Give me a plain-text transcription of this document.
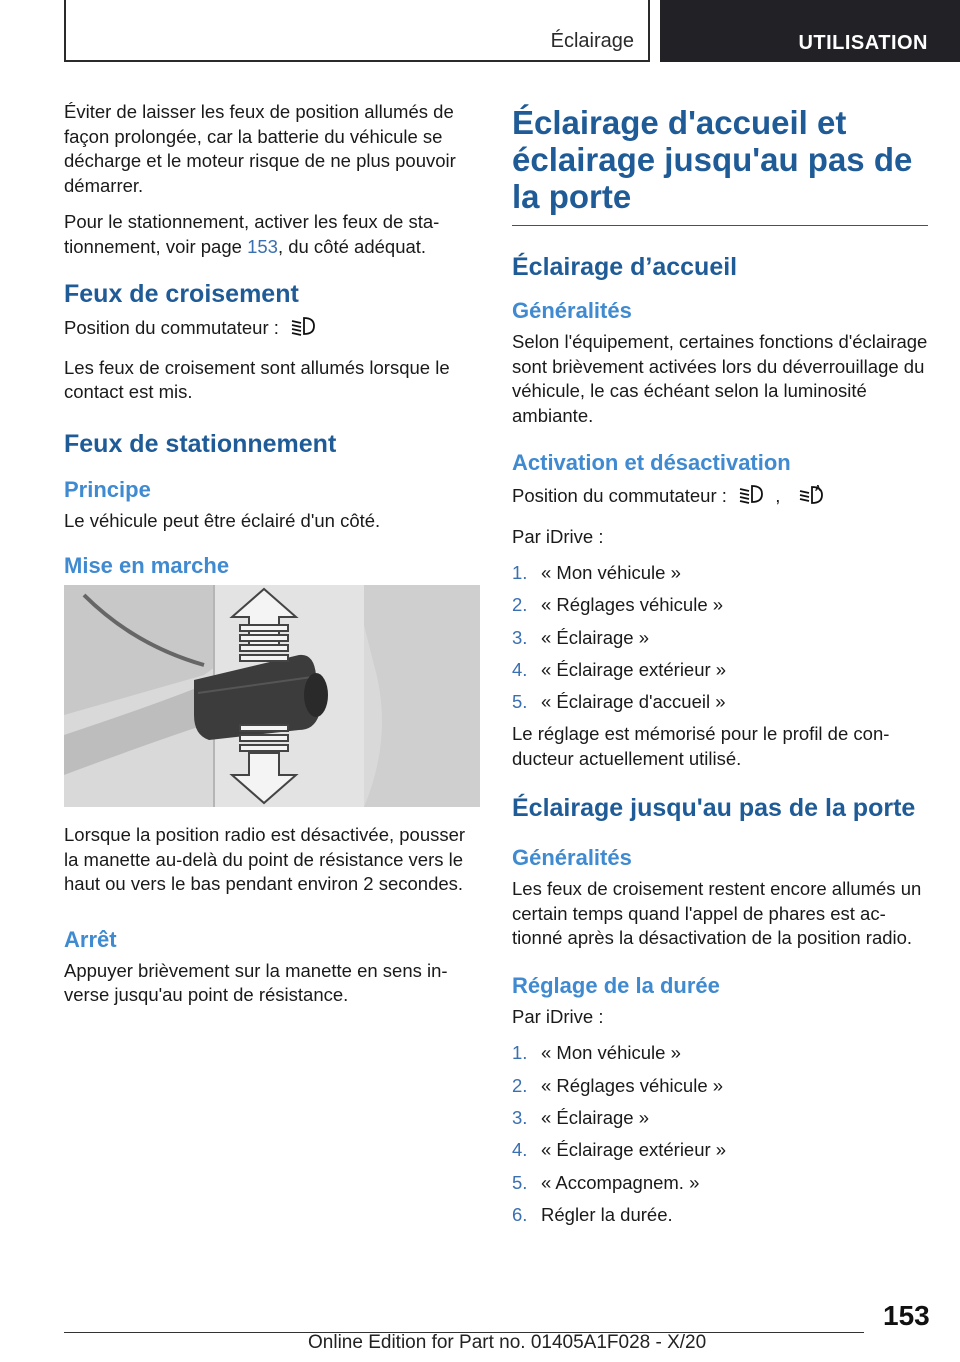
Éclairage	UTILISATION

Éviter de laisser les feux de position allumés de façon prolongée, car la batterie du véhicule se décharge et le moteur risque de ne plus pouvoir démarrer.

Pour le stationnement, activer les feux de stationnement, voir page 153, du côté adéquat.

Feux de croisement

Position du commutateur :

Les feux de croisement sont allumés lorsque le contact est mis.

Feux de stationnement
Principe

Le véhicule peut être éclairé d'un côté.

Mise en marche

Lorsque la position radio est désactivée, pousser la manette au-delà du point de résistance vers le haut ou vers le bas pendant environ 2 secondes.

Arrêt

Appuyer brièvement sur la manette en sens inverse jusqu'au point de résistance.

Éclairage d'accueil et éclairage jusqu'au pas de la porte
Éclairage d’accueil
Généralités

Selon l'équipement, certaines fonctions d'éclairage sont brièvement activées lors du déverrouillage du véhicule, le cas échéant selon la luminosité ambiante.

Activation et désactivation

Position du commutateur :	,	A

Par iDrive :

1. « Mon véhicule »
2. « Réglages véhicule »
3. « Éclairage »
4. « Éclairage extérieur »
5. « Éclairage d'accueil »

Le réglage est mémorisé pour le profil de conducteur actuellement utilisé.

Éclairage jusqu'au pas de la porte
Généralités

Les feux de croisement restent encore allumés un certain temps quand l'appel de phares est actionné après la désactivation de la position radio.

Réglage de la durée

Par iDrive :

1. « Mon véhicule »
2. « Réglages véhicule »
3. « Éclairage »
4. « Éclairage extérieur »
5. « Accompagnem. »
6. Régler la durée.
153
Online Edition for Part no. 01405A1F028 - X/20
